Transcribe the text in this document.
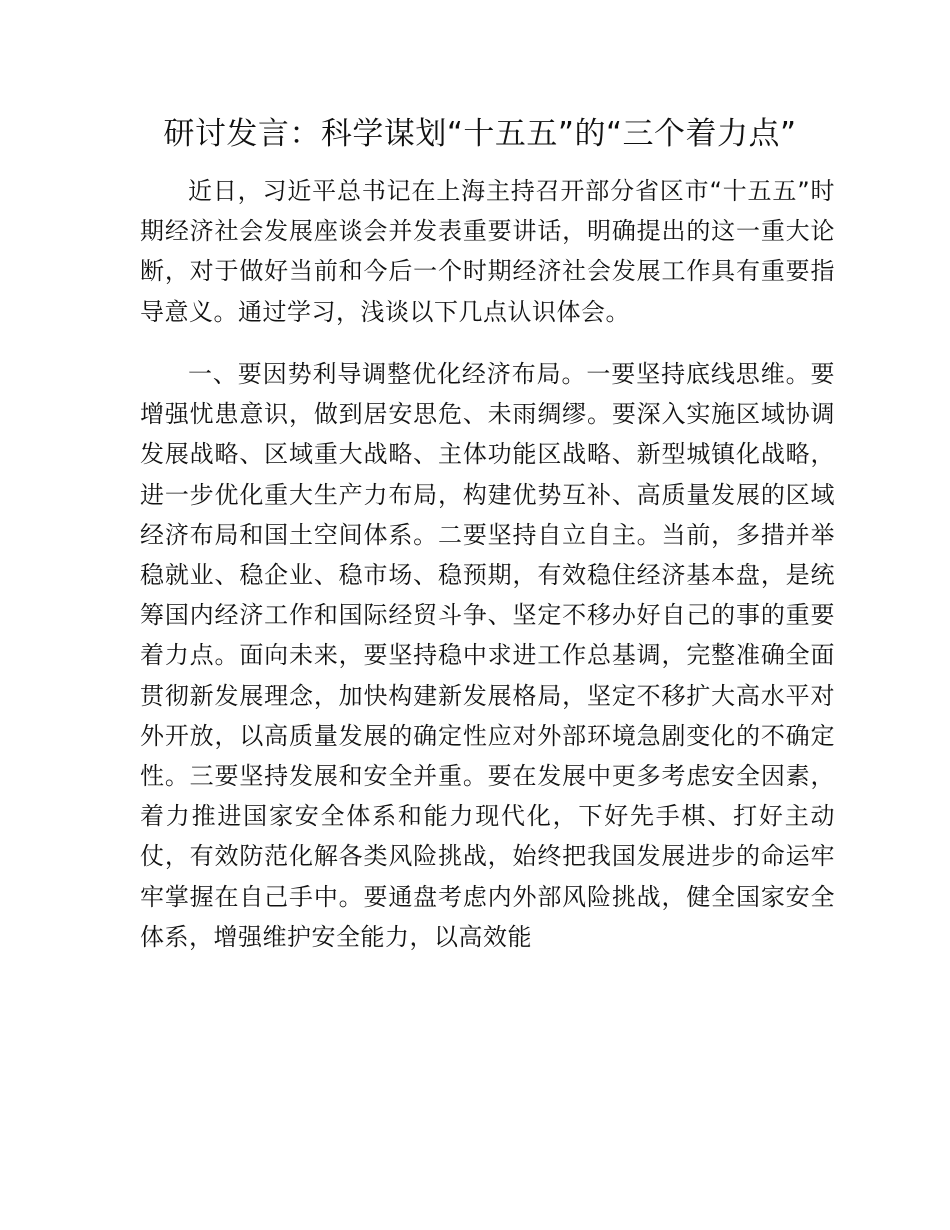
研讨发言：科学谋划“十五五”的“三个着力点”

近日，习近平总书记在上海主持召开部分省区市“十五五”时期经济社会发展座谈会并发表重要讲话，明确提出的这一重大论断，对于做好当前和今后一个时期经济社会发展工作具有重要指导意义。通过学习，浅谈以下几点认识体会。

一、要因势利导调整优化经济布局。一要坚持底线思维。要增强忧患意识，做到居安思危、未雨绸缪。要深入实施区域协调发展战略、区域重大战略、主体功能区战略、新型城镇化战略，进一步优化重大生产力布局，构建优势互补、高质量发展的区域经济布局和国土空间体系。二要坚持自立自主。当前，多措并举稳就业、稳企业、稳市场、稳预期，有效稳住经济基本盘，是统筹国内经济工作和国际经贸斗争、坚定不移办好自己的事的重要着力点。面向未来，要坚持稳中求进工作总基调，完整准确全面贯彻新发展理念，加快构建新发展格局，坚定不移扩大高水平对外开放，以高质量发展的确定性应对外部环境急剧变化的不确定性。三要坚持发展和安全并重。要在发展中更多考虑安全因素，着力推进国家安全体系和能力现代化，下好先手棋、打好主动仗，有效防范化解各类风险挑战，始终把我国发展进步的命运牢牢掌握在自己手中。要通盘考虑内外部风险挑战，健全国家安全体系，增强维护安全能力，以高效能
